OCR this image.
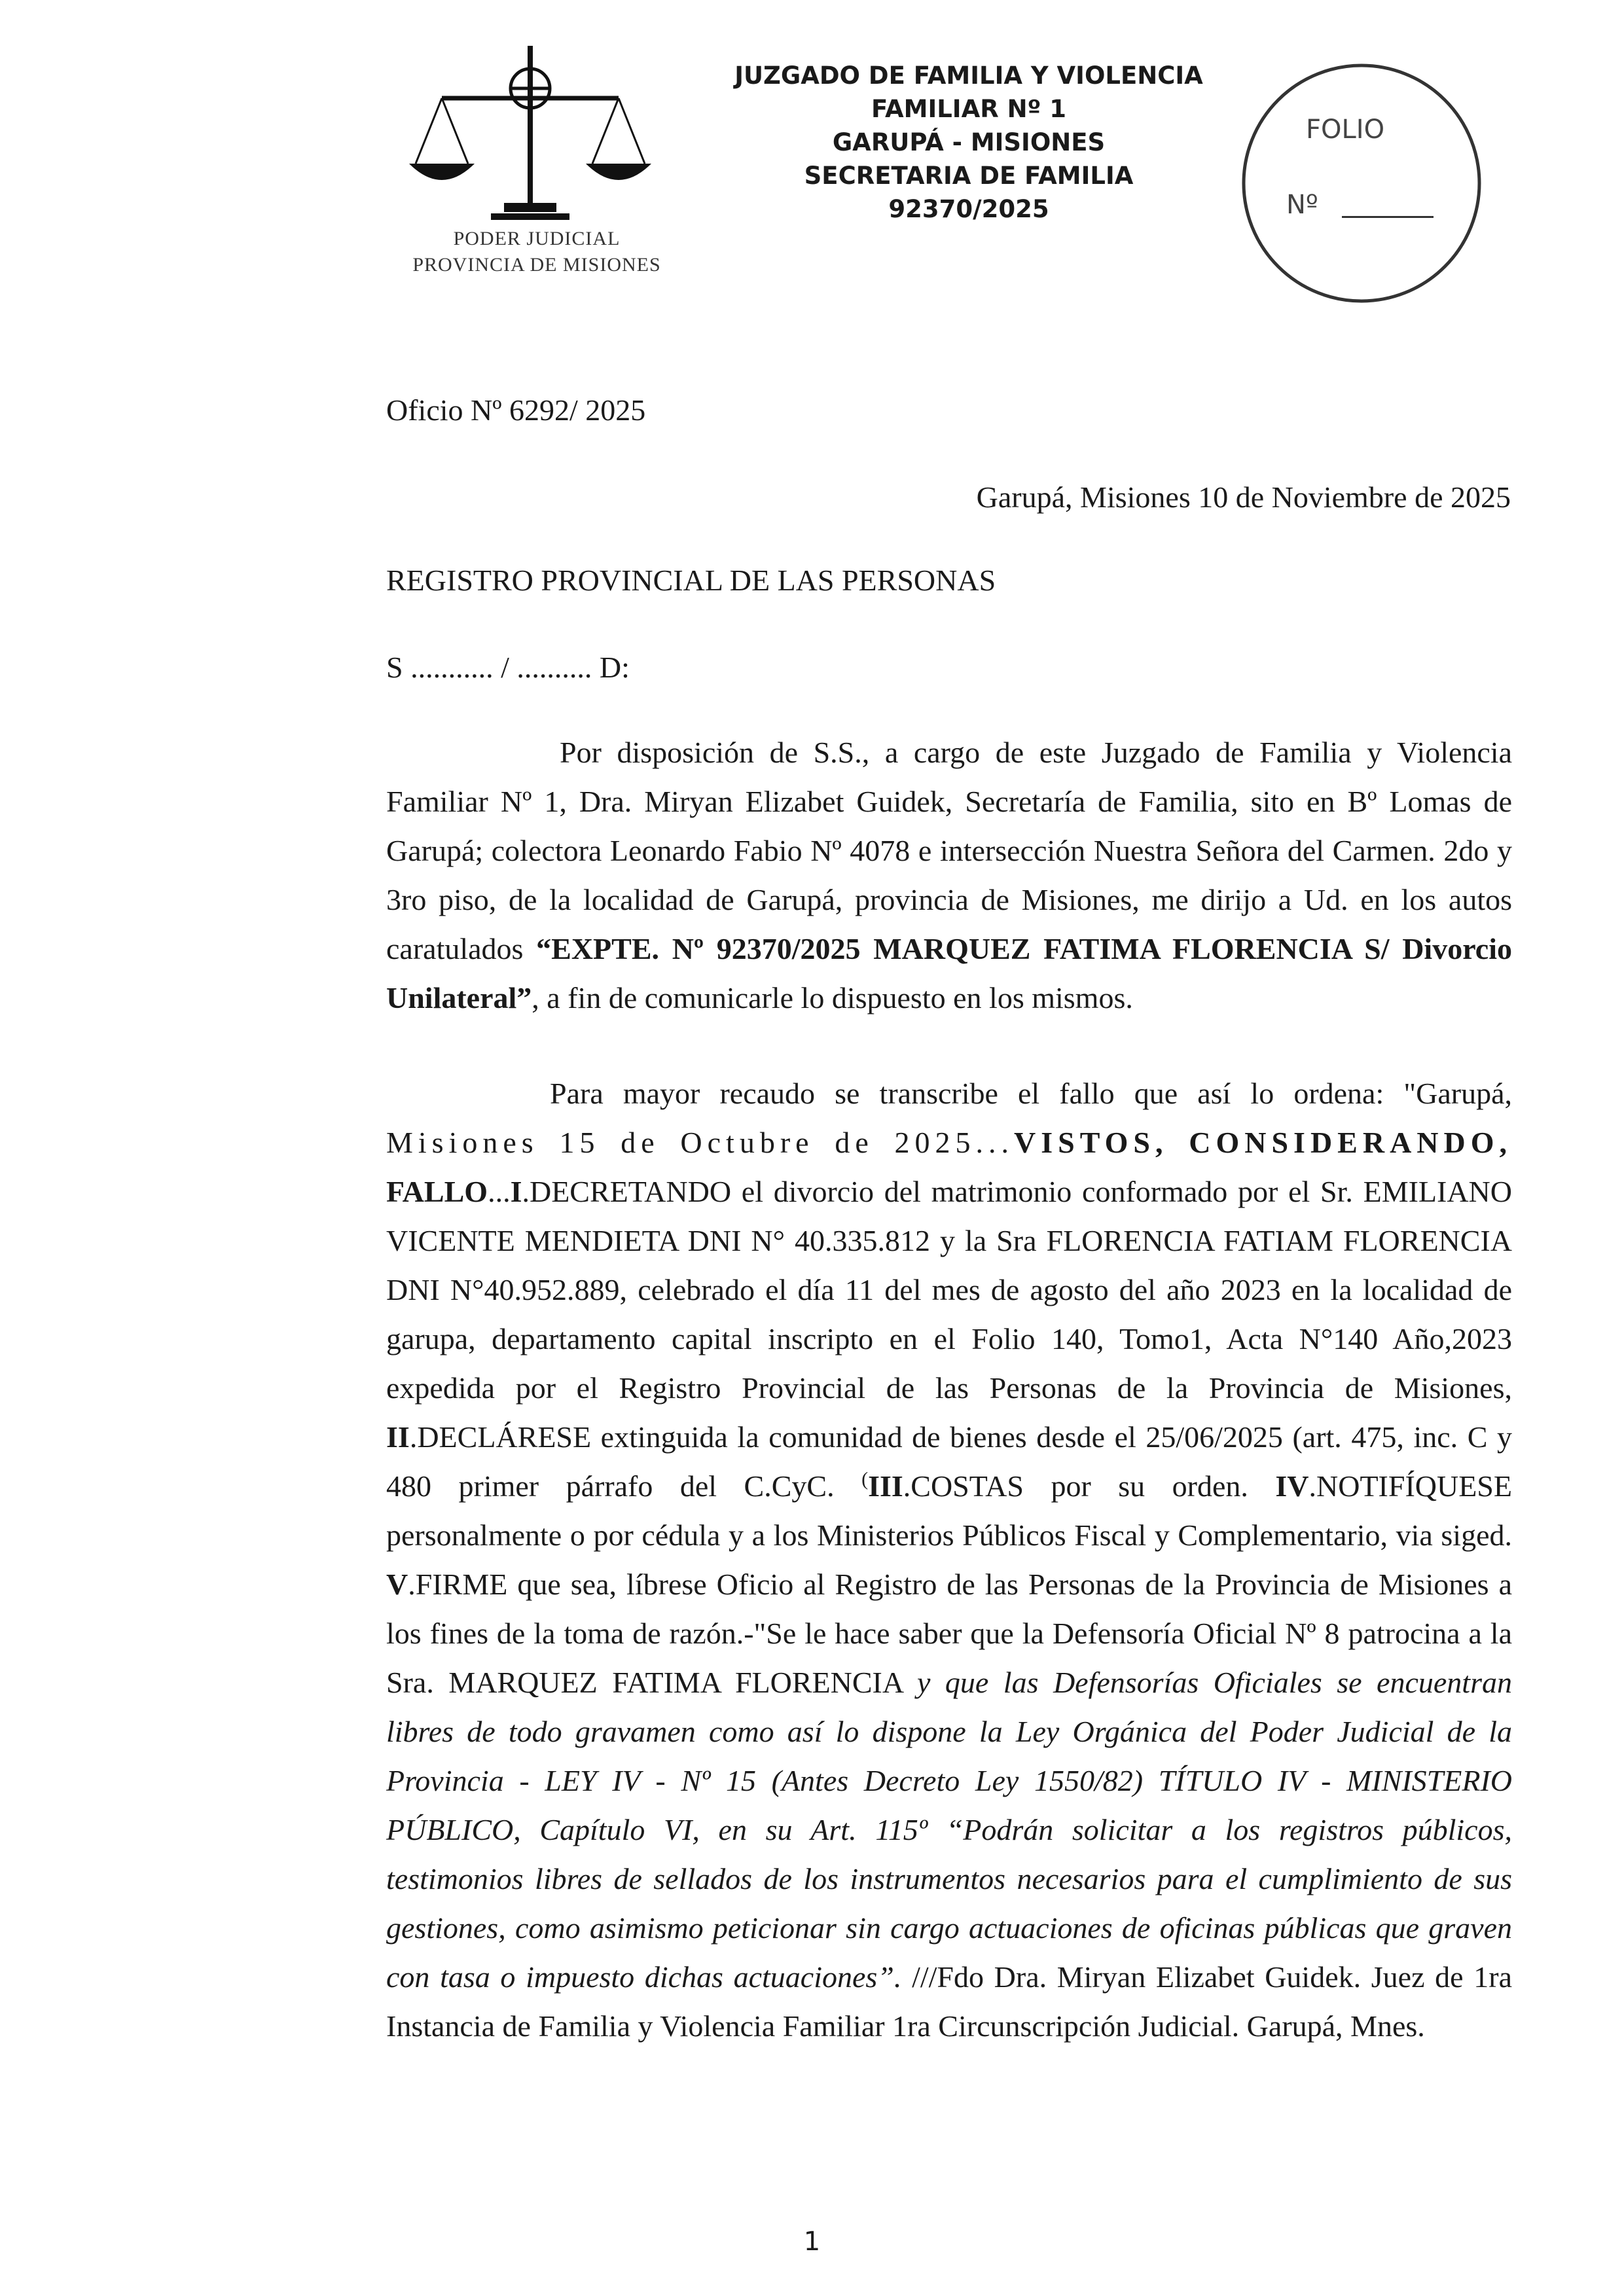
PODER JUDICIAL
PROVINCIA DE MISIONES
JUZGADO DE FAMILIA Y VIOLENCIA
FAMILIAR Nº 1
GARUPÁ - MISIONES
SECRETARIA DE FAMILIA
92370/2025
FOLIO
Nº
Oficio Nº 6292/ 2025
Garupá, Misiones 10 de Noviembre de 2025
REGISTRO PROVINCIAL DE LAS PERSONAS
S ........... / .......... D:
Por disposición de S.S., a cargo de este Juzgado de Familia y Violencia Familiar Nº 1, Dra. Miryan Elizabet Guidek, Secretaría de Familia, sito en Bº Lomas de Garupá; colectora Leonardo Fabio Nº 4078 e intersección Nuestra Señora del Carmen. 2do y 3ro piso, de la localidad de Garupá, provincia de Misiones, me dirijo a Ud. en los autos caratulados “EXPTE. Nº 92370/2025 MARQUEZ FATIMA FLORENCIA S/ Divorcio Unilateral”, a fin de comunicarle lo dispuesto en los mismos.
Para mayor recaudo se transcribe el fallo que así lo ordena: "Garupá, Misiones 15 de Octubre de 2025...VISTOS, CONSIDERANDO, FALLO...I.DECRETANDO el divorcio del matrimonio conformado por el Sr. EMILIANO VICENTE MENDIETA DNI N° 40.335.812 y la Sra FLORENCIA FATIAM FLORENCIA DNI N°40.952.889, celebrado el día 11 del mes de agosto del año 2023 en la localidad de garupa, departamento capital inscripto en el Folio 140, Tomo1, Acta N°140 Año,2023 expedida por el Registro Provincial de las Personas de la Provincia de Misiones, II.DECLÁRESE extinguida la comunidad de bienes desde el 25/06/2025 (art. 475, inc. C y 480 primer párrafo del C.CyC. (III.COSTAS por su orden. IV.NOTIFÍQUESE personalmente o por cédula y a los Ministerios Públicos Fiscal y Complementario, via siged. V.FIRME que sea, líbrese Oficio al Registro de las Personas de la Provincia de Misiones a los fines de la toma de razón.-"Se le hace saber que la Defensoría Oficial Nº 8 patrocina a la Sra. MARQUEZ FATIMA FLORENCIA y que las Defensorías Oficiales se encuentran libres de todo gravamen como así lo dispone la Ley Orgánica del Poder Judicial de la Provincia - LEY IV - Nº 15 (Antes Decreto Ley 1550/82) TÍTULO IV - MINISTERIO PÚBLICO, Capítulo VI, en su Art. 115º “Podrán solicitar a los registros públicos, testimonios libres de sellados de los instrumentos necesarios para el cumplimiento de sus gestiones, como asimismo peticionar sin cargo actuaciones de oficinas públicas que graven con tasa o impuesto dichas actuaciones”. ///Fdo Dra. Miryan Elizabet Guidek. Juez de 1ra Instancia de Familia y Violencia Familiar 1ra Circunscripción Judicial. Garupá, Mnes.
1
